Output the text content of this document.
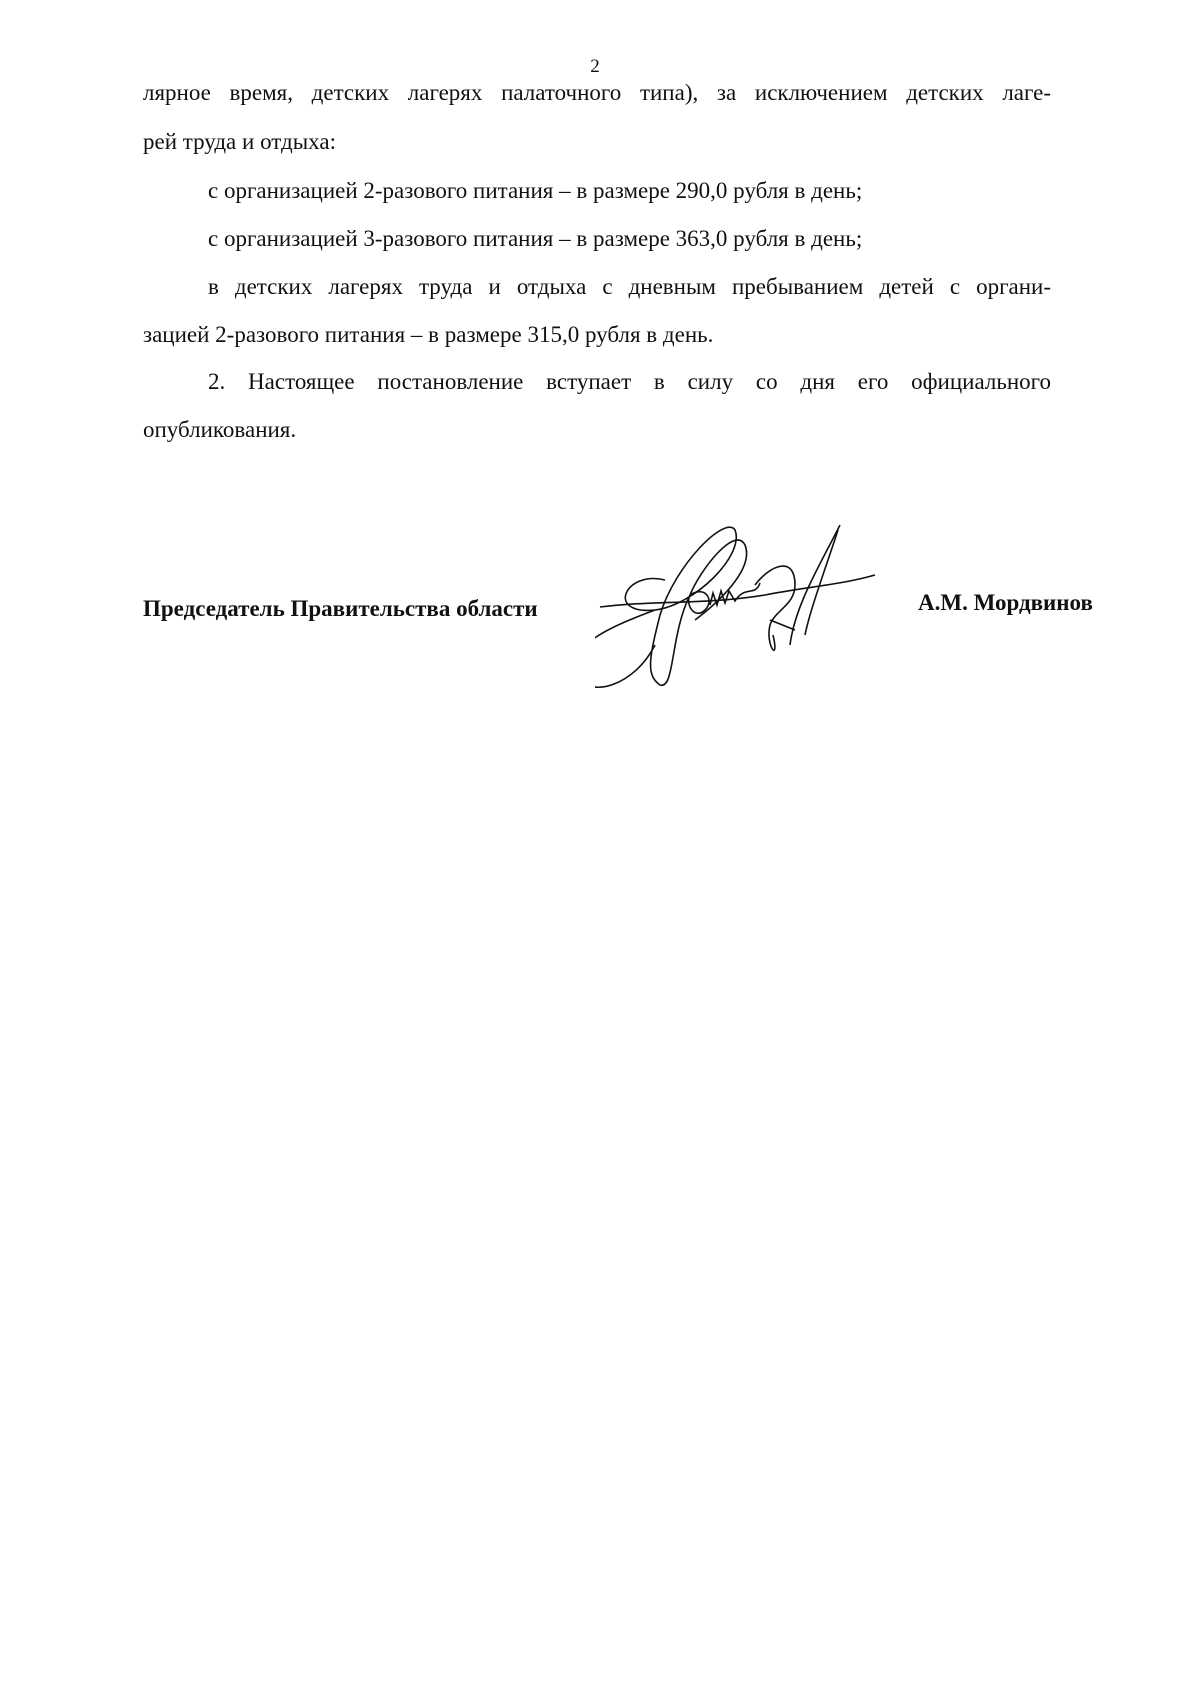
2
лярное время, детских лагерях палаточного типа), за исключением детских лаге-
рей труда и отдыха:
с организацией 2-разового питания – в размере 290,0 рубля в день;
с организацией 3-разового питания – в размере 363,0 рубля в день;
в детских лагерях труда и отдыха с дневным пребыванием детей с органи-
зацией 2-разового питания – в размере 315,0 рубля в день.
2. Настоящее постановление вступает в силу со дня его официального
опубликования.
Председатель Правительства области	А.М. Мордвинов
